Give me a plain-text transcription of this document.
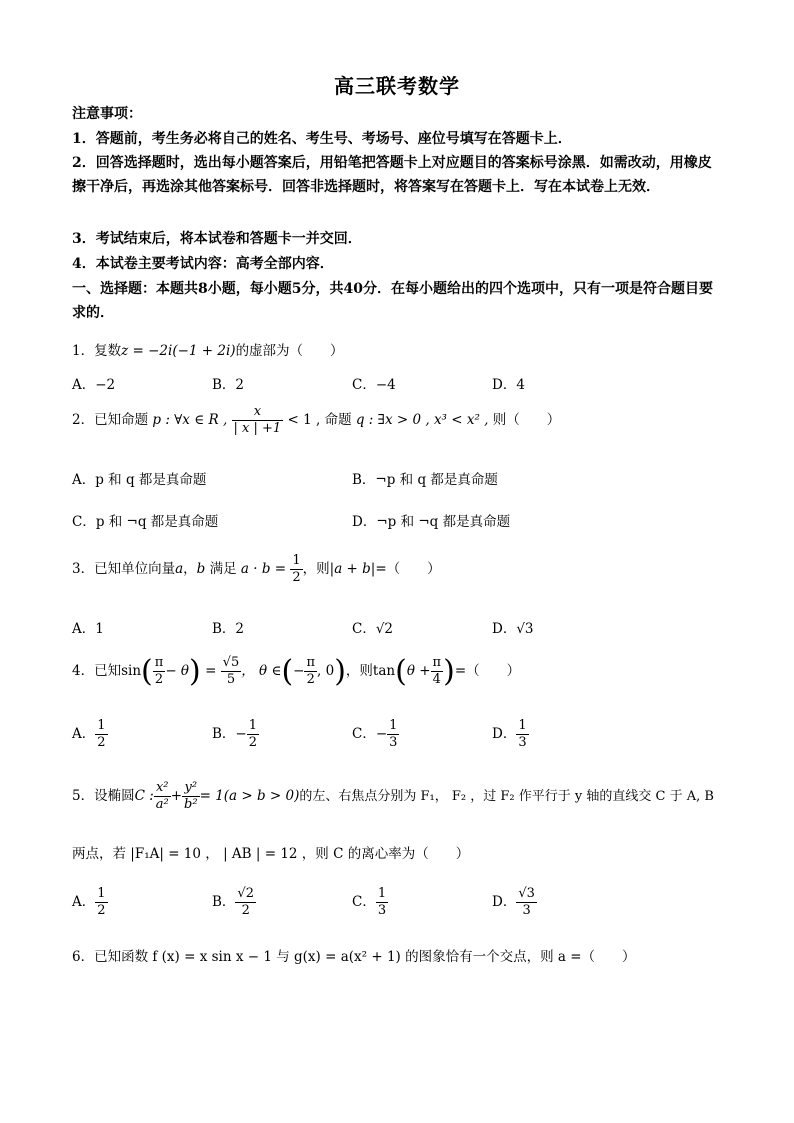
高三联考数学
注意事项：
1．答题前，考生务必将自己的姓名、考生号、考场号、座位号填写在答题卡上．
2．回答选择题时，选出每小题答案后，用铅笔把答题卡上对应题目的答案标号涂黑．如需改动，用橡皮擦干净后，再选涂其他答案标号．回答非选择题时，将答案写在答题卡上．写在本试卷上无效．
3．考试结束后，将本试卷和答题卡一并交回．
4．本试卷主要考试内容：高考全部内容．
一、选择题：本题共8小题，每小题5分，共40分．在每小题给出的四个选项中，只有一项是符合题目要求的．
1．复数z = −2i(−1 + 2i)的虚部为（　　）
A．−2	B．2	C．−4	D．4
2．已知命题 p : ∀x ∈ R , $\frac{x}{| x | +1} < 1$ , 命题 q : ∃x > 0 , x³ < x² , 则（　　）
A．p 和 q 都是真命题	B．¬p 和 q 都是真命题
C．p 和 ¬q 都是真命题	D．¬p 和 ¬q 都是真命题
3．已知单位向量a，b 满足 $a \cdot b = \frac{1}{2}$ ，则|a + b|=（　　）
A．1	B．2	C．√2	D．√3
4．已知$\sin( \frac{\pi}{2} - \theta) = \frac{√5}{5}$ ， θ ∈(− $\frac{\pi}{2}$ , 0)，则$\tan(\theta + \frac{\pi}{4}$ )=（　　）
A． $\frac{1}{2}$	B．− $\frac{1}{2}$	C．− $\frac{1}{3}$	D． $\frac{1}{3}$
5．设椭圆C : $\frac{\text{x²}}{\text{a²}} + \frac{\text{y²}}{\text{b²}} = 1(a > b > 0)$的左、右焦点分别为 F₁， F₂ ，过 F₂ 作平行于 y 轴的直线交 C 于 A, B
两点，若 |F₁A| = 10 ， | AB | = 12 ，则 C 的离心率为（　　）
A． $\frac{1}{2}$	B． $\frac{√2}{2}$	C． $\frac{1}{3}$	D． $\frac{√3}{3}$
6．已知函数 f (x) = x sin x − 1 与 g(x) = a(x² + 1) 的图象恰有一个交点，则 a =（　　）
